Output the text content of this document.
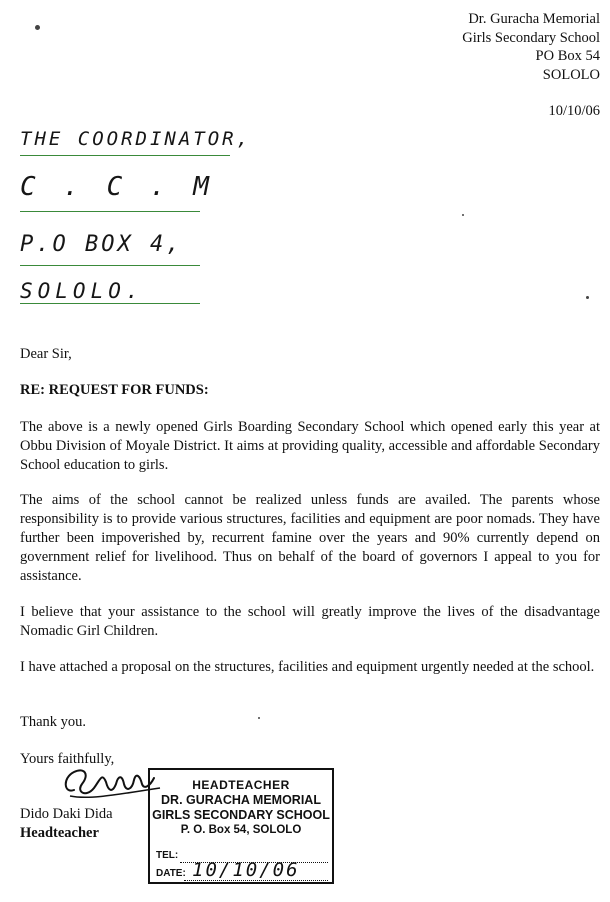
Dr. Guracha Memorial
Girls Secondary School
PO Box 54
SOLOLO
10/10/06
THE COORDINATOR,
C . C . M
P.O BOX 4,
SOLOLO.
Dear Sir,
RE: REQUEST FOR FUNDS:
The above is a newly opened Girls Boarding Secondary School which opened early this year at Obbu Division of Moyale District. It aims at providing quality, accessible and affordable Secondary School education to girls.
The aims of the school cannot be realized unless funds are availed. The parents whose responsibility is to provide various structures, facilities and equipment are poor nomads. They have further been impoverished by, recurrent famine over the years and 90% currently depend on government relief for livelihood. Thus on behalf of the board of governors I appeal to you for assistance.
I believe that your assistance to the school will greatly improve the lives of the disadvantage Nomadic Girl Children.
I have attached a proposal on the structures, facilities and equipment urgently needed at the school.
Thank you.
Yours faithfully,
Dido Daki Dida
Headteacher
HEADTEACHER
DR. GURACHA MEMORIAL
GIRLS SECONDARY SCHOOL
P. O. Box 54, SOLOLO
TEL:
DATE: 10/10/06
